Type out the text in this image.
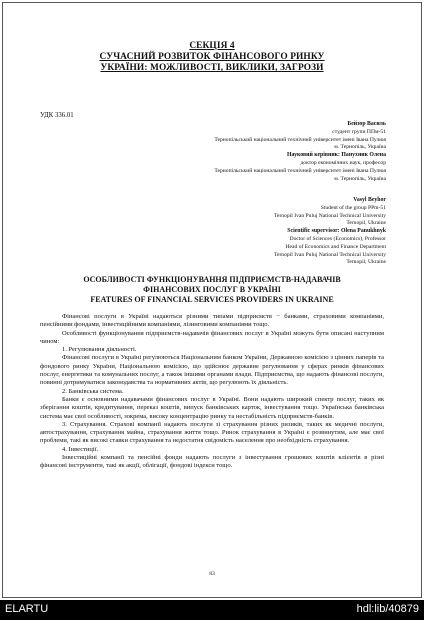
СЕКЦІЯ 4
СУЧАСНИЙ РОЗВИТОК ФІНАНСОВОГО РИНКУ
УКРАЇНИ: МОЖЛИВОСТІ, ВИКЛИКИ, ЗАГРОЗИ
УДК 336.01
Бейзор Василь
студент групи ППм-51
Тернопільський національний технічний університет імені Івана Пулюя
м. Тернопіль, Україна
Науковий керівник: Панухник Олена
доктор економічних наук, професор
Тернопільський національний технічний університет імені Івана Пулюя
м. Тернопіль, Україна
Vasyl Beyhor
Student of the group PPm-51
Ternopil Ivan Puluj National Technical University
Ternopil, Ukraine
Scientific supervisor: Olena Panukhnyk
Doctor of Sciences (Economics), Professor
Head of Economics and Finance Department
Ternopil Ivan Puluj National Technical University
Ternopil, Ukraine
ОСОБЛИВОСТІ ФУНКЦІОНУВАННЯ ПІДПРИЄМСТВ-НАДАВАЧІВ
ФІНАНСОВИХ ПОСЛУГ В УКРАЇНІ
FEATURES OF FINANCIAL SERVICES PROVIDERS IN UKRAINE

Фінансові послуги в Україні надаються різними типами підприємств − банками, страховими компаніями, пенсійними фондами, інвестиційними компаніями, лізинговими компаніями тощо.

Особливості функціонування підприємств-надавачів фінансових послуг в Україні можуть бути описані наступним чином:

1. Регулювання діяльності.

Фінансові послуги в Україні регулюються Національним банком України, Державною комісією з цінних паперів та фондового ринку України, Національною комісією, що здійснює державне регулювання у сферах ринків фінансових послуг, енергетики та комунальних послуг, а також іншими органами влади. Підприємства, що надають фінансові послуги, повинні дотримуватися законодавства та нормативних актів, що регулюють їх діяльність.

2. Банківська система.

Банки є основними надавачами фінансових послуг в Україні. Вони надають широкий спектр послуг, таких як зберігання коштів, кредитування, переказ коштів, випуск банківських карток, інвестування тощо. Українська банківська система має свої особливості, зокрема, високу концентрацію ринку та нестабільність підприємств-банків.

3. Страхування. Страхові компанії надають послуги зі страхування різних ризиків, таких як медичні послуги, автострахування, страхування майна, страхування життя тощо. Ринок страхування в Україні є розвинутим, але має свої проблеми, такі як високі ставки страхування та недостатня свідомість населення про необхідність страхування.

4. Інвестиції.

Інвестиційні компанії та пенсійні фонди надають послуги з інвестування грошових коштів клієнтів в різні фінансові інструменти, такі як акції, облігації, фондові індекси тощо.

83
ELARTU	hdl:lib/40879
